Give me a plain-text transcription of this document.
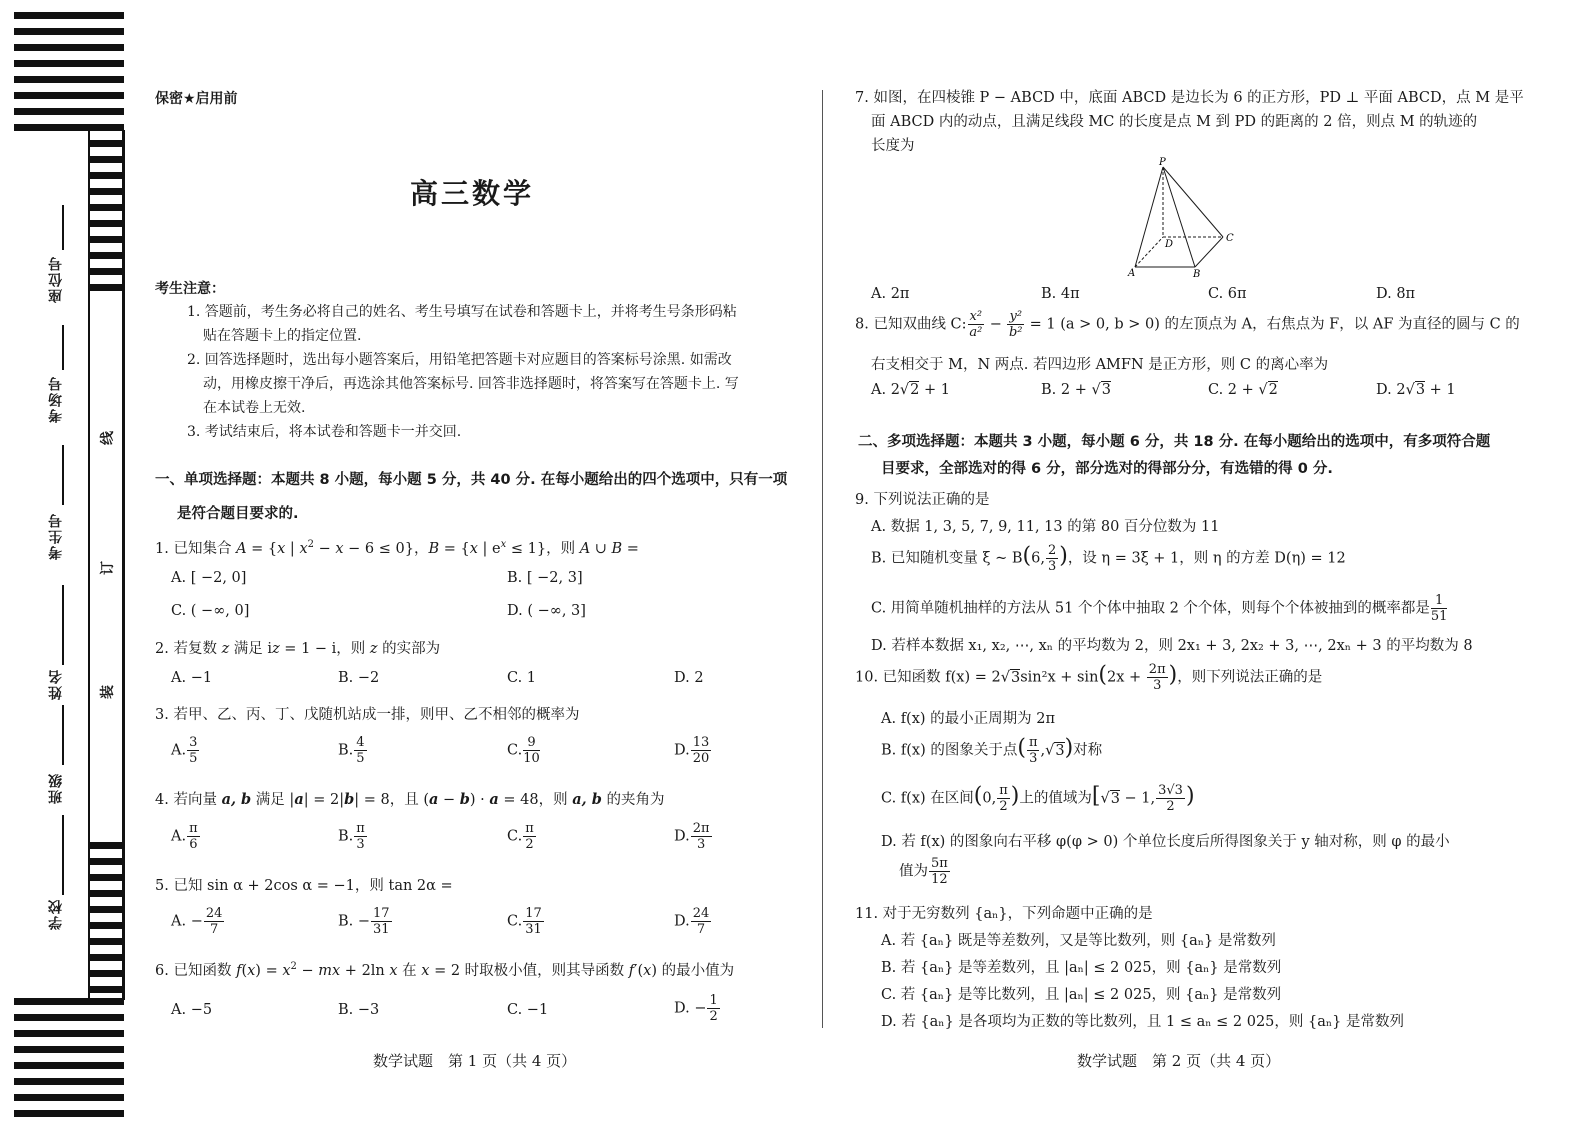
座位号
考场号
考生号
姓名
班级
学校
线
订
装
保密★启用前
高三数学
考生注意：
1. 答题前，考生务必将自己的姓名、考生号填写在试卷和答题卡上，并将考生号条形码粘
贴在答题卡上的指定位置.
2. 回答选择题时，选出每小题答案后，用铅笔把答题卡对应题目的答案标号涂黑. 如需改
动，用橡皮擦干净后，再选涂其他答案标号. 回答非选择题时，将答案写在答题卡上. 写
在本试卷上无效.
3. 考试结束后，将本试卷和答题卡一并交回.
一、单项选择题：本题共 8 小题，每小题 5 分，共 40 分. 在每小题给出的四个选项中，只有一项
是符合题目要求的.
1. 已知集合 A = {x | $x^2 - x - 6 \le 0$}，B = {x | $e^x \le 1$}，则 A ∪ B =
A. [ −2, 0]	B. [ −2, 3]
C. ( −∞, 0]	D. ( −∞, 3]
2. 若复数 z 满足 iz = 1 − i，则 z 的实部为
A. −1	B. −2	C. 1	D. 2
3. 若甲、乙、丙、丁、戊随机站成一排，则甲、乙不相邻的概率为
A. $\frac{3}{5}$	B. $\frac{4}{5}$	C. $\frac{9}{10}$	D. $\frac{13}{20}$
4. 若向量 a, b 满足 |a| = 2|b| = 8，且 (a − b) · a = 48，则 a, b 的夹角为
A. $\frac{\pi}{6}$	B. $\frac{\pi}{3}$	C. $\frac{\pi}{2}$	D. $\frac{2\pi}{3}$
5. 已知 sin α + 2cos α = −1，则 tan 2α =
A. − $\frac{24}{7}$	B. − $\frac{17}{31}$	C. $\frac{17}{31}$	D. $\frac{24}{7}$
6. 已知函数 $f(x) = x^2$ − mx + 2ln x 在 x = 2 时取极小值，则其导函数 f′(x) 的最小值为
A. −5	B. −3	C. −1	D. − $\frac{1}{2}$
数学试题　第 1 页（共 4 页）
7. 如图，在四棱锥 P − ABCD 中，底面 ABCD 是边长为 6 的正方形，PD ⊥ 平面 ABCD，点 M 是平
面 ABCD 内的动点，且满足线段 MC 的长度是点 M 到 PD 的距离的 2 倍，则点 M 的轨迹的
长度为
P
D
C
A	B
A. 2π	B. 4π	C. 6π	D. 8π
8. 已知双曲线 C: $\frac{\text{x²}}{\text{a²}} - \frac{\text{y²}}{\text{b²}} = 1$ (a > 0, b > 0) 的左顶点为 A，右焦点为 F，以 AF 为直径的圆与 C 的
右支相交于 M，N 两点. 若四边形 AMFN 是正方形，则 C 的离心率为
A. 2√2 + 1	B. 2 + √3	C. 2 + √2	D. 2√3 + 1
二、多项选择题：本题共 3 小题，每小题 6 分，共 18 分. 在每小题给出的选项中，有多项符合题
目要求，全部选对的得 6 分，部分选对的得部分分，有选错的得 0 分.
9. 下列说法正确的是
A. 数据 1, 3, 5, 7, 9, 11, 13 的第 80 百分位数为 11
B. 已知随机变量 ξ ~ B(6, $\frac{2}{3}$ )，设 η = 3ξ + 1，则 η 的方差 D(η) = 12
C. 用简单随机抽样的方法从 51 个个体中抽取 2 个个体，则每个个体被抽到的概率都是 $\frac{1}{51}$
D. 若样本数据 x₁, x₂, ⋯, xₙ 的平均数为 2，则 2x₁ + 3, 2x₂ + 3, ⋯, 2xₙ + 3 的平均数为 8
10. 已知函数 $f(x) = 2√3\sin^2x + \sin(2x + \frac{2\pi}{3}$ )，则下列说法正确的是
A. f(x) 的最小正周期为 2π
B. f(x) 的图象关于点( $\frac{\pi}{3} ,√3$)对称
C. f(x) 在区间(0, $\frac{\pi}{2}$ )上的值域为[√3 − 1, $\frac{3√3}{2}$ )
D. 若 f(x) 的图象向右平移 φ(φ > 0) 个单位长度后所得图象关于 y 轴对称，则 φ 的最小
值为 $\frac{5\pi}{12}$
11. 对于无穷数列 {aₙ}，下列命题中正确的是
A. 若 {aₙ} 既是等差数列，又是等比数列，则 {aₙ} 是常数列
B. 若 {aₙ} 是等差数列，且 |aₙ| ≤ 2 025，则 {aₙ} 是常数列
C. 若 {aₙ} 是等比数列，且 |aₙ| ≤ 2 025，则 {aₙ} 是常数列
D. 若 {aₙ} 是各项均为正数的等比数列，且 1 ≤ aₙ ≤ 2 025，则 {aₙ} 是常数列
数学试题　第 2 页（共 4 页）
